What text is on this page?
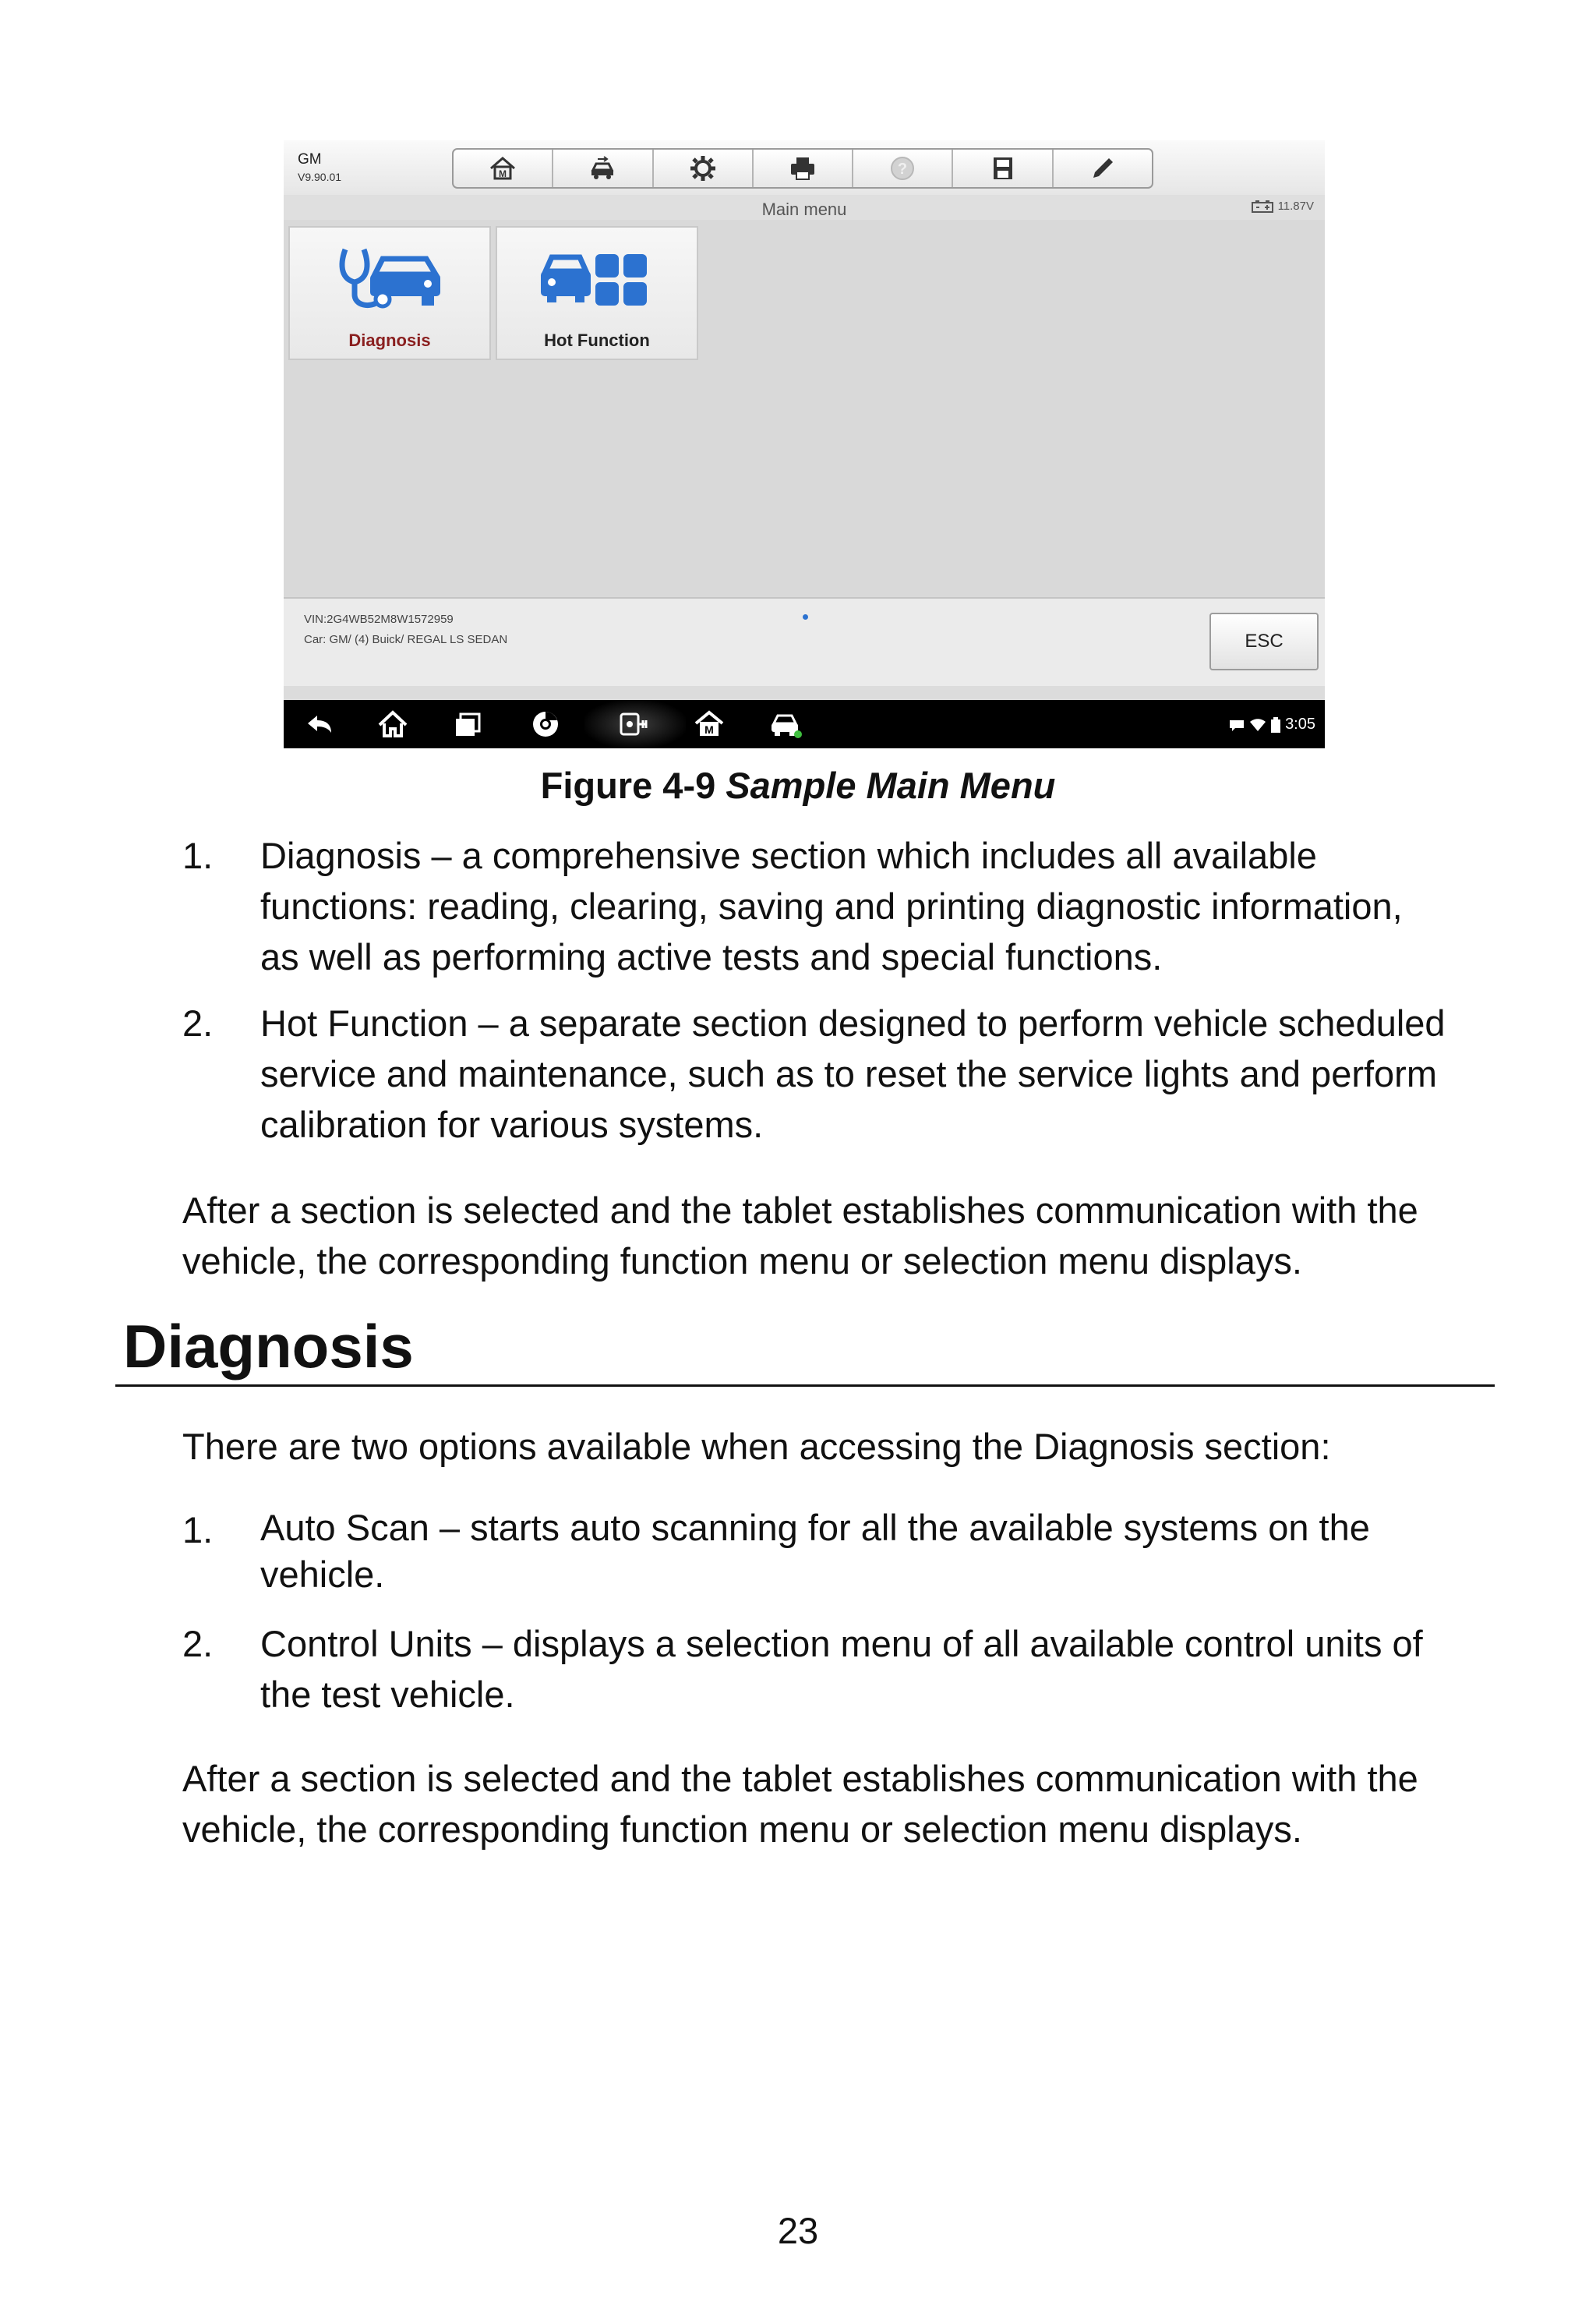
GM
V9.90.01	M	?
Main menu	11.87V
Diagnosis	Hot Function
VIN:2G4WB52M8W1572959
Car: GM/ (4) Buick/ REGAL LS SEDAN	ESC
M	3:05
Figure 4-9 Sample Main Menu
1. Diagnosis – a comprehensive section which includes all available
functions: reading, clearing, saving and printing diagnostic information,
as well as performing active tests and special functions.
2. Hot Function – a separate section designed to perform vehicle scheduled
service and maintenance, such as to reset the service lights and perform
calibration for various systems.
After a section is selected and the tablet establishes communication with the
vehicle, the corresponding function menu or selection menu displays.
Diagnosis
There are two options available when accessing the Diagnosis section:
1. Auto Scan – starts auto scanning for all the available systems on the
vehicle.
2. Control Units – displays a selection menu of all available control units of
the test vehicle.
After a section is selected and the tablet establishes communication with the
vehicle, the corresponding function menu or selection menu displays.
23
